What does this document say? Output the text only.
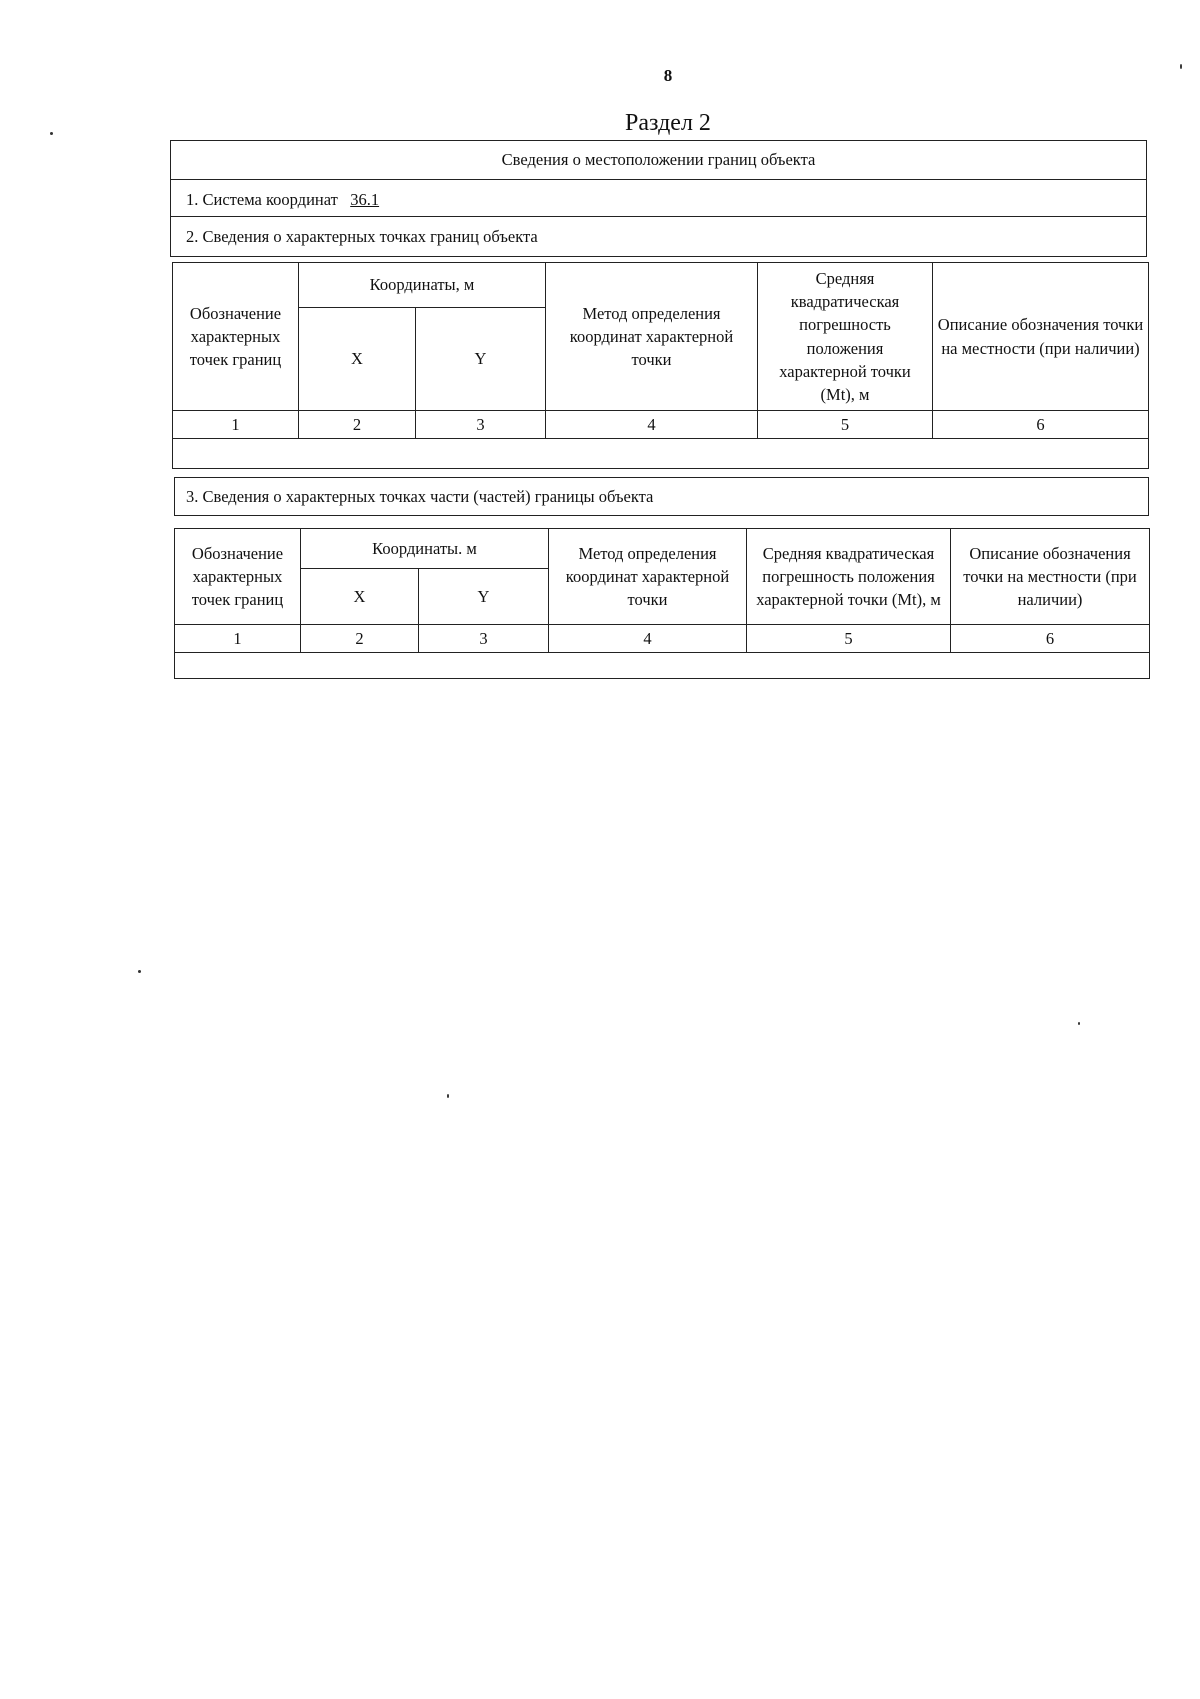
8
Раздел 2
Сведения о местоположении границ объекта
1. Система координат 36.1
2. Сведения о характерных точках границ объекта
Обозначение характерных точек границ	Координаты, м		Метод определения координат характерной точки	Средняя квадратическая погрешность положения характерной точки (Mt), м	Описание обозначения точки на местности (при наличии)
	X	Y			
1	2	3	4	5	6

3. Сведения о характерных точках части (частей) границы объекта
Обозначение характерных точек границ	Координаты. м		Метод определения координат характерной точки	Средняя квадратическая погрешность положения характерной точки (Mt), м	Описание обозначения точки на местности (при наличии)
	X	Y			
1	2	3	4	5	6
